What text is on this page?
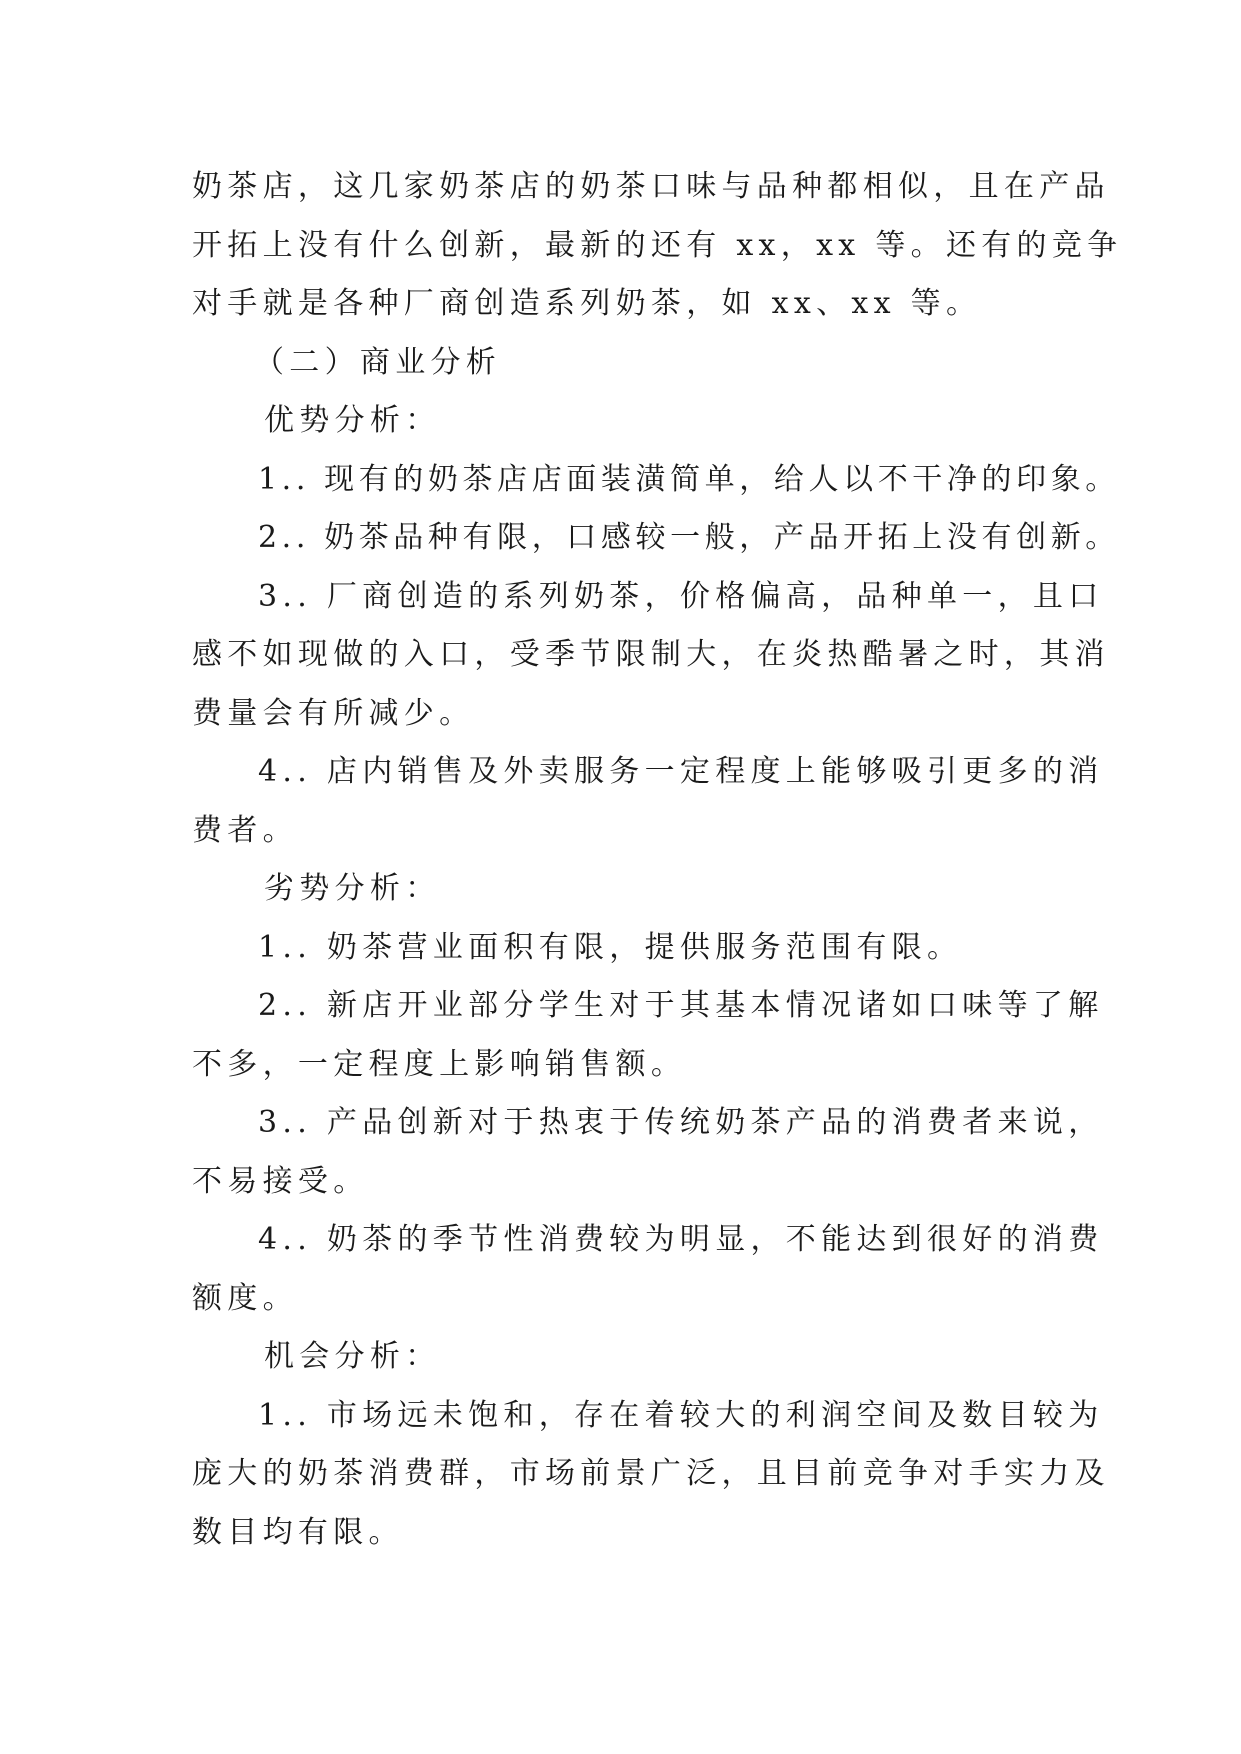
奶茶店，这几家奶茶店的奶茶口味与品种都相似，且在产品
开拓上没有什么创新，最新的还有 xx，xx 等。还有的竞争
对手就是各种厂商创造系列奶茶，如 xx、xx 等。
（二）商业分析
优势分析：
1.. 现有的奶茶店店面装潢简单，给人以不干净的印象。
2.. 奶茶品种有限，口感较一般，产品开拓上没有创新。
3.. 厂商创造的系列奶茶，价格偏高，品种单一，且口
感不如现做的入口，受季节限制大，在炎热酷暑之时，其消
费量会有所减少。
4.. 店内销售及外卖服务一定程度上能够吸引更多的消
费者。
劣势分析：
1.. 奶茶营业面积有限，提供服务范围有限。
2.. 新店开业部分学生对于其基本情况诸如口味等了解
不多，一定程度上影响销售额。
3.. 产品创新对于热衷于传统奶茶产品的消费者来说，
不易接受。
4.. 奶茶的季节性消费较为明显，不能达到很好的消费
额度。
机会分析：
1.. 市场远未饱和，存在着较大的利润空间及数目较为
庞大的奶茶消费群，市场前景广泛，且目前竞争对手实力及
数目均有限。
